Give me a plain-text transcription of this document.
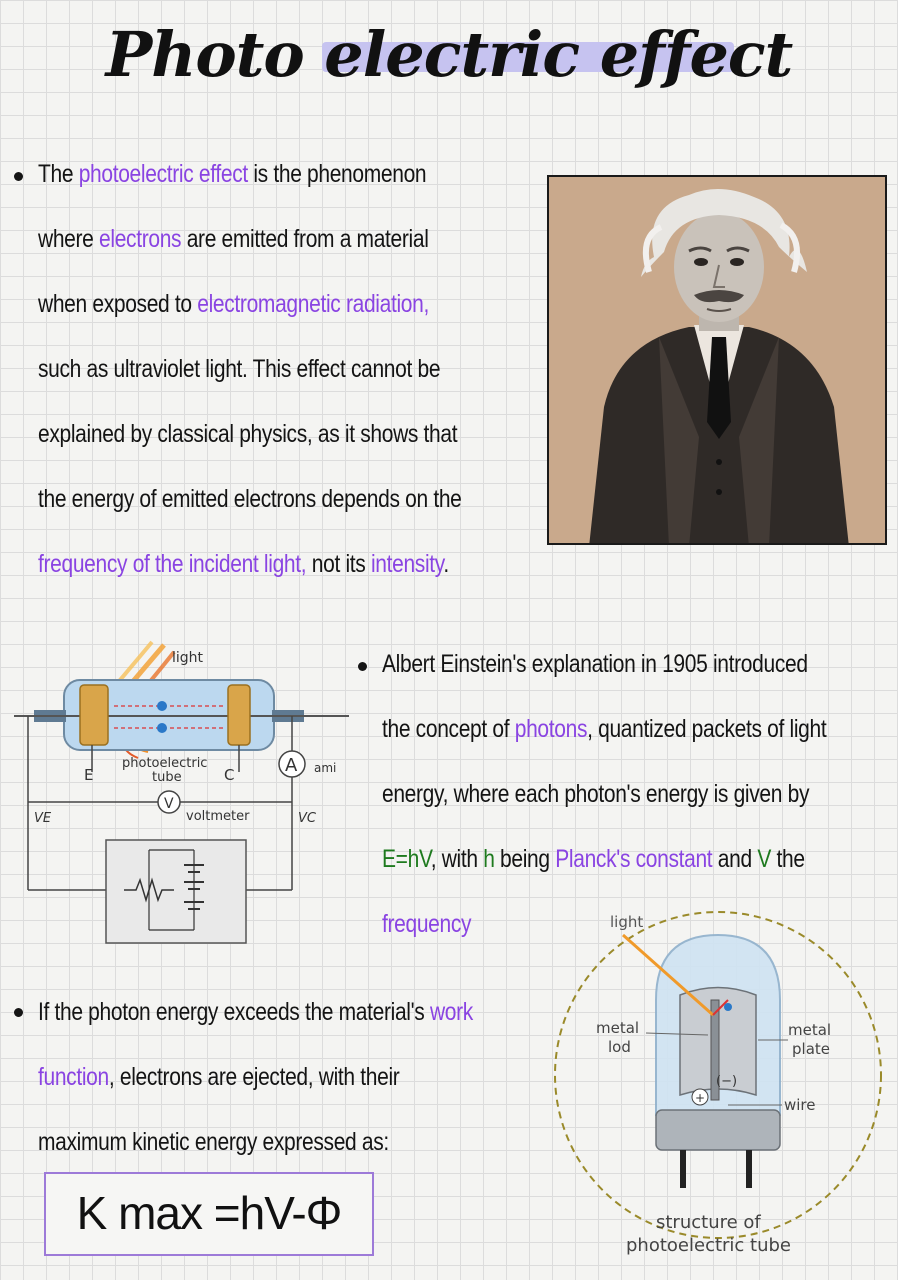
Photo electric effect

The photoelectric effect is the phenomenon

where electrons are emitted from a material

when exposed to electromagnetic radiation,

such as ultraviolet light. This effect cannot be

explained by classical physics, as it shows that

the energy of emitted electrons depends on the

frequency of the incident light, not its intensity.

light
E	C
photoelectric
tube
A ami
V
voltmeter
VE	VC

Albert Einstein's explanation in 1905 introduced

the concept of photons, quantized packets of light

energy, where each photon's energy is given by

E=hV, with h being Planck's constant and V the

frequency	light
+
(−)
metal
lod
metal
plate
wire
structure of
photoelectric tube

If the photon energy exceeds the material's work

function, electrons are ejected, with their

maximum kinetic energy expressed as:

K max =hV-Φ
